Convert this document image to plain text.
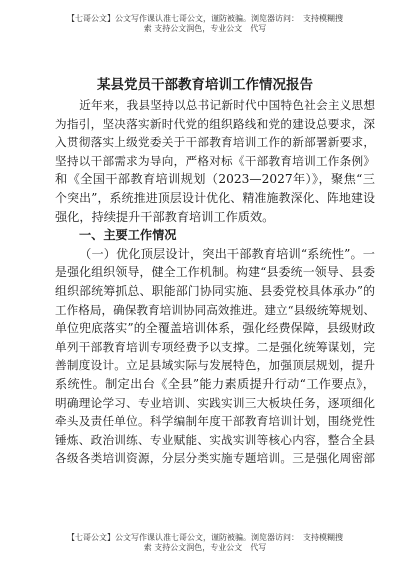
【七哥公文】公文写作课认准七哥公文，谨防被骗。浏览器访问：　支持模糊搜
索 支持公文润色，专业公文　代写
某县党员干部教育培训工作情况报告
近年来，我县坚持以总书记新时代中国特色社会主义思想
为指引，坚决落实新时代党的组织路线和党的建设总要求，深
入贯彻落实上级党委关于干部教育培训工作的新部署新要求，
坚持以干部需求为导向，严格对标《干部教育培训工作条例》
和《全国干部教育培训规划（2023—2027年）》，聚焦“三
个突出”，系统推进顶层设计优化、精准施教深化、阵地建设
强化，持续提升干部教育培训工作质效。
一、主要工作情况
（一）优化顶层设计，突出干部教育培训“系统性”。一
是强化组织领导，健全工作机制。构建“县委统一领导、县委
组织部统筹抓总、职能部门协同实施、县委党校具体承办”的
工作格局，确保教育培训协同高效推进。建立“县级统筹规划、
单位兜底落实”的全覆盖培训体系，强化经费保障，县级财政
单列干部教育培训专项经费予以支撑。二是强化统筹谋划，完
善制度设计。立足县域实际与发展特色，加强顶层规划，提升
系统性。制定出台《全县”能力素质提升行动“工作要点》，
明确理论学习、专业培训、实践实训三大板块任务，逐项细化
牵头及责任单位。科学编制年度干部教育培训计划，围绕党性
锤炼、政治训练、专业赋能、实战实训等核心内容，整合全县
各级各类培训资源，分层分类实施专题培训。三是强化周密部
【七哥公文】公文写作课认准七哥公文，谨防被骗。浏览器访问：　支持模糊搜
索 支持公文润色，专业公文　代写
